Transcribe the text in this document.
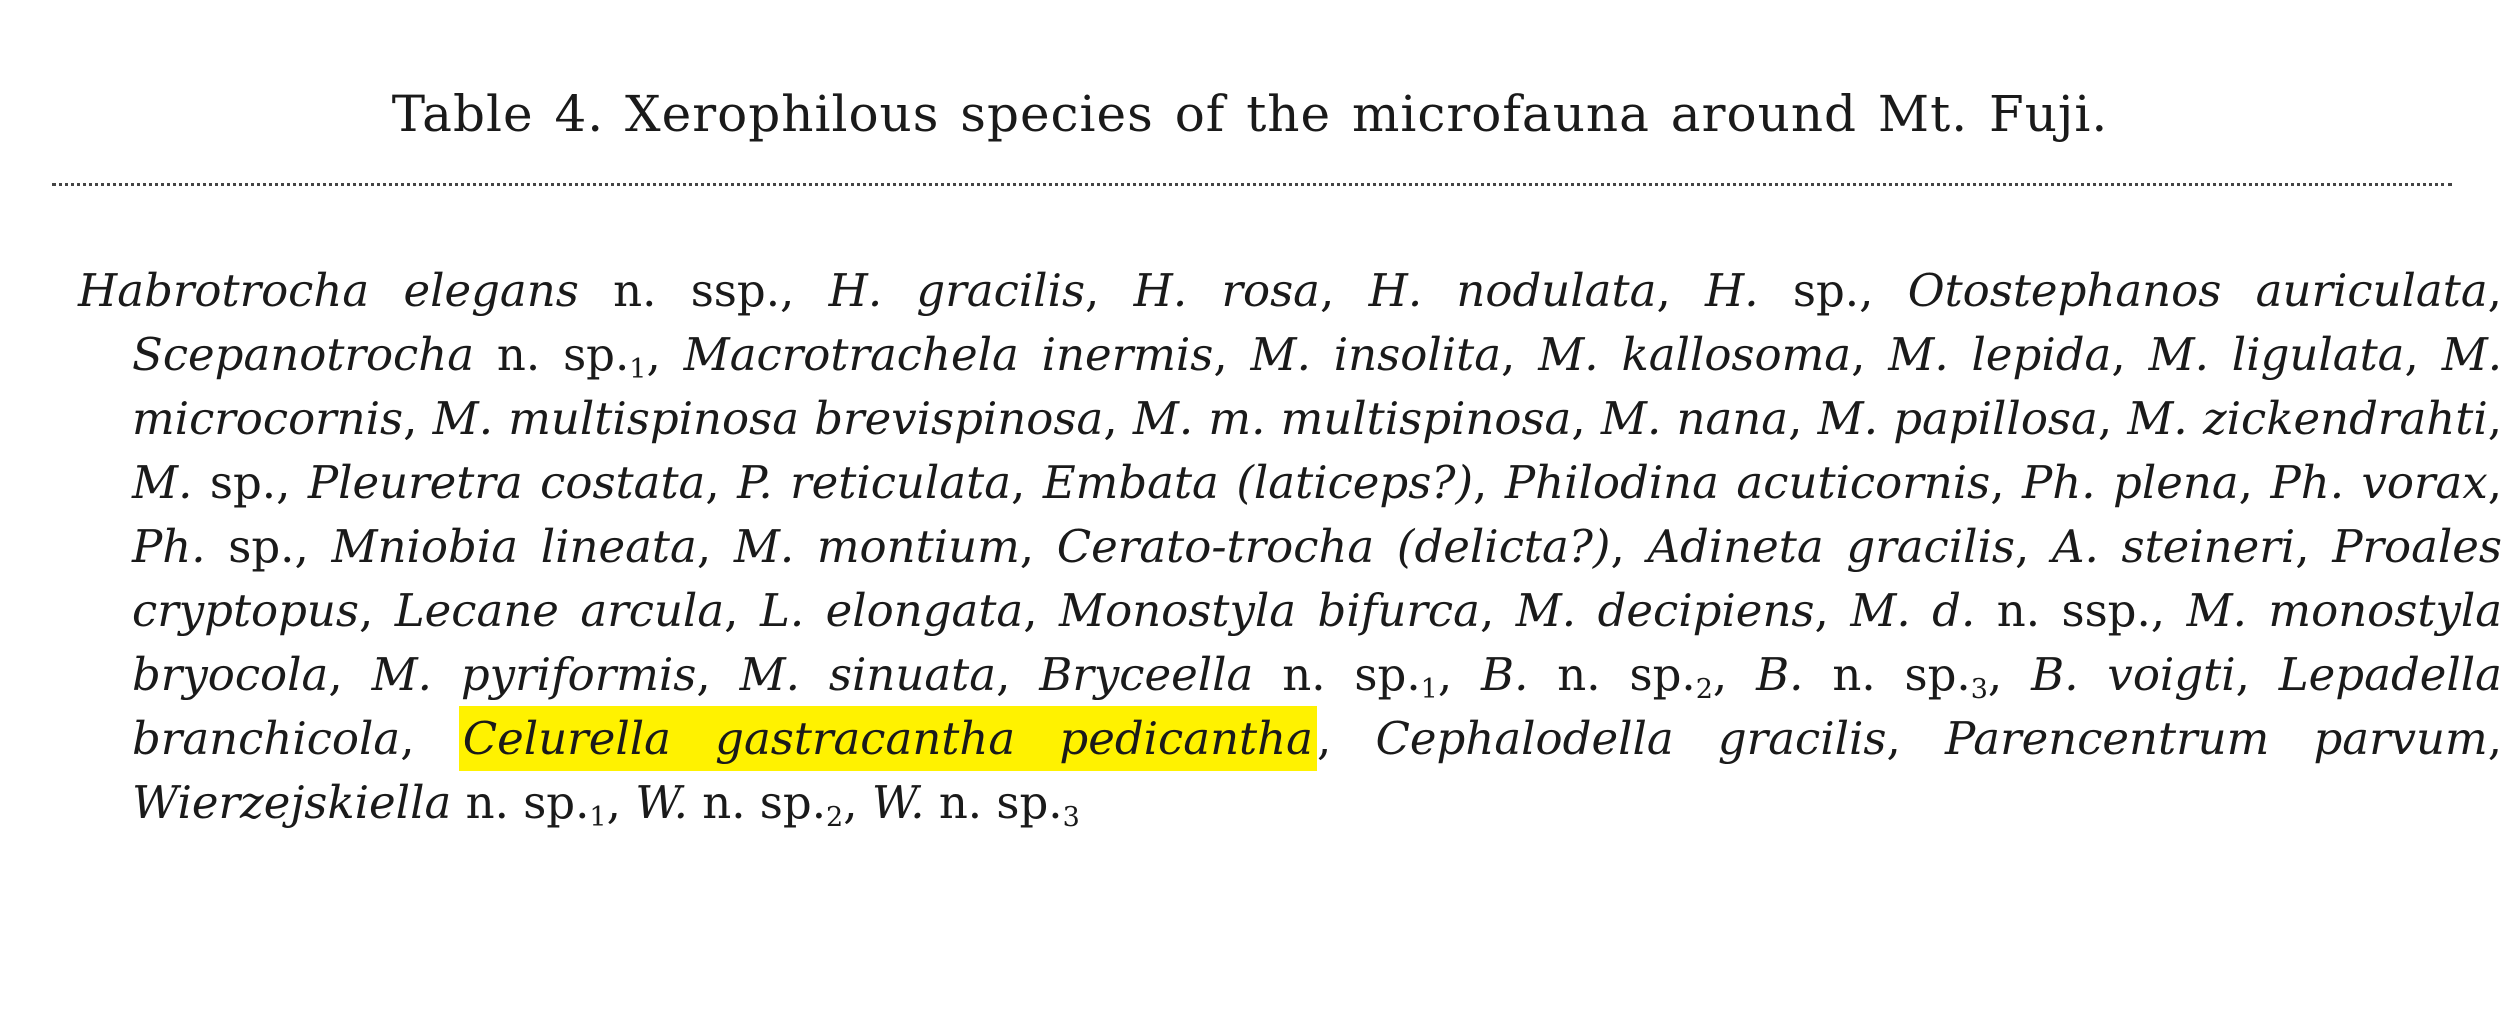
Table 4. Xerophilous species of the microfauna around Mt. Fuji.

Habrotrocha elegans n. ssp., H. gracilis, H. rosa, H. nodulata, H. sp., Otostephanos auriculata, Scepanotrocha n. $sp._1$, Macrotrachela inermis, M. insolita, M. kallosoma, M. lepida, M. ligulata, M. microcornis, M. multispinosa brevispinosa, M. m. multispinosa, M. nana, M. papillosa, M. zickendrahti, M. sp., Pleuretra costata, P. reticulata, Embata (laticeps?), Philodina acuticornis, Ph. plena, Ph. vorax, Ph. sp., Mniobia lineata, M. montium, Cerato-trocha (delicta?), Adineta gracilis, A. steineri, Proales cryptopus, Lecane arcula, L. elongata, Monostyla bifurca, M. decipiens, M. d. n. ssp., M. monostyla bryocola, M. pyriformis, M. sinuata, Bryceella n. $sp._1$, B. n. $sp._2$, B. n. $sp._3$, B. voigti, Lepadella branchicola, Celurella gastracantha pedicantha, Cephalodella gracilis, Parencentrum parvum, Wierzejskiella n. $sp._1$, W. n. $sp._2$, W. n. $sp._3$
